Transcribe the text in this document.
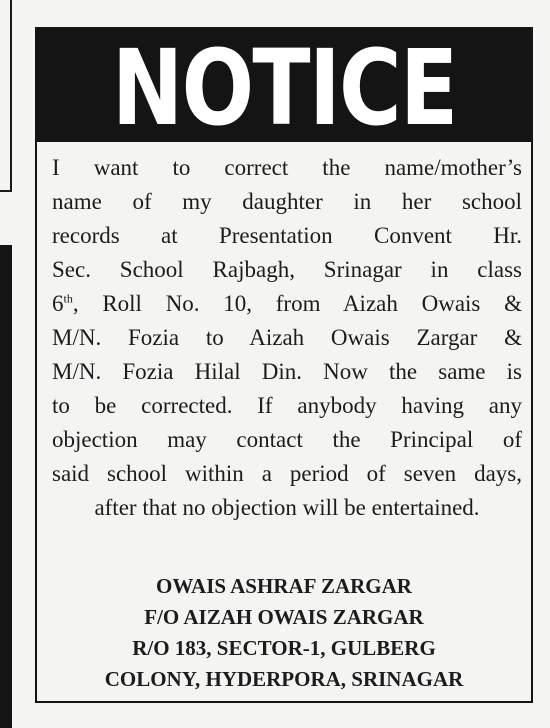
NOTICE
I want to correct the name/mother’s
name of my daughter in her school
records at Presentation Convent Hr.
Sec. School Rajbagh, Srinagar in class
6th, Roll No. 10, from Aizah Owais &
M/N. Fozia to Aizah Owais Zargar &
M/N. Fozia Hilal Din. Now the same is
to be corrected. If anybody having any
objection may contact the Principal of
said school within a period of seven days,
after that no objection will be entertained.
OWAIS ASHRAF ZARGAR
F/O AIZAH OWAIS ZARGAR
R/O 183, SECTOR-1, GULBERG
COLONY, HYDERPORA, SRINAGAR
